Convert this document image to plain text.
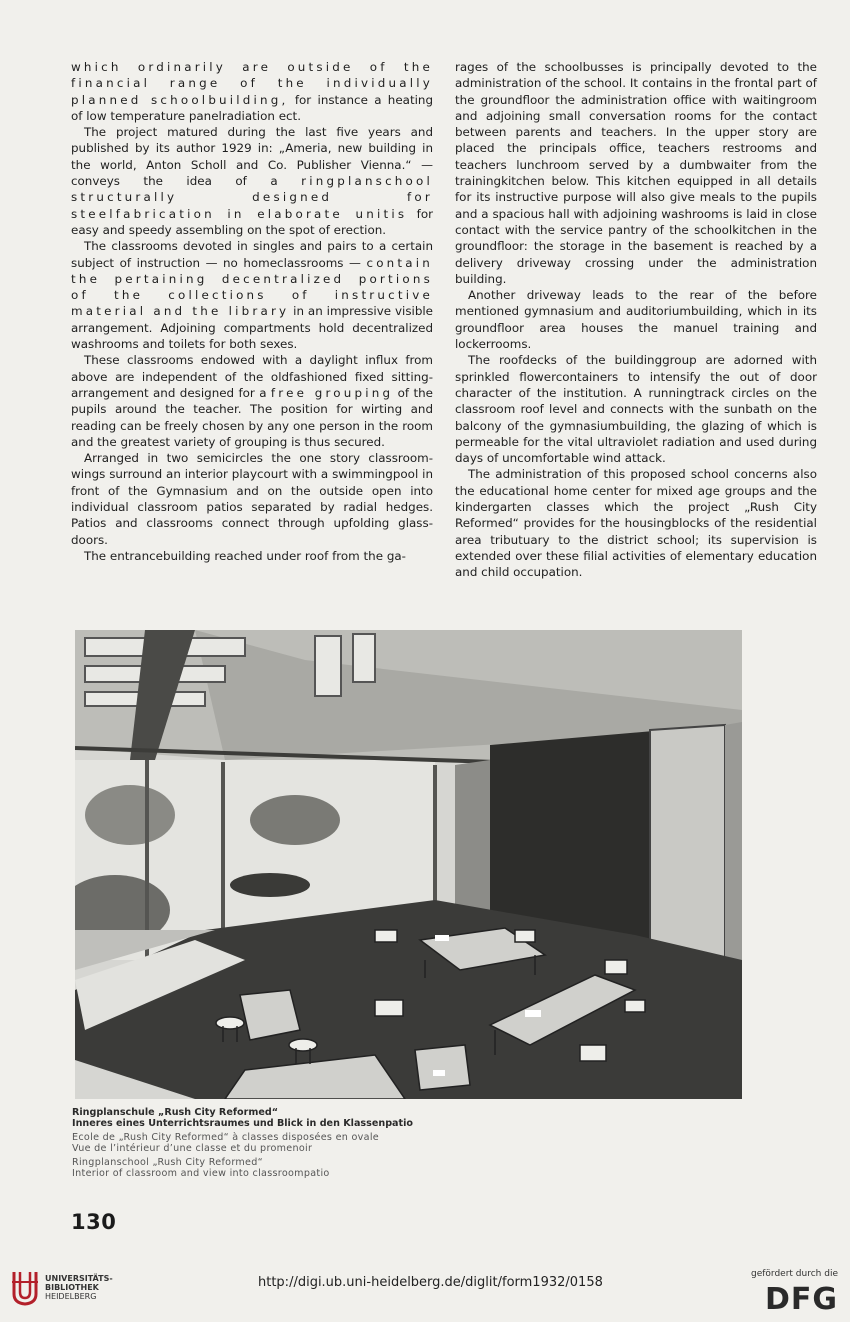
which ordinarily are outside of the financial range of the individually planned schoolbuilding, for instance a heating of low temperature panelradiation ect.

The project matured during the last five years and published by its author 1929 in: „Ameria, new building in the world, Anton Scholl and Co. Publisher Vienna.“ — conveys the idea of a ringplanschool structurally designed for steelfabrication in elaborate unitis for easy and speedy assembling on the spot of erection.

The classrooms devoted in singles and pairs to a certain subject of instruction — no homeclassrooms — contain the pertaining decentralized portions of the collections of instructive material and the library in an impressive visible arrangement. Adjoining compartments hold decentralized washrooms and toilets for both sexes.

These classrooms endowed with a daylight influx from above are independent of the oldfashioned fixed sitting-arrangement and designed for a free grouping of the pupils around the teacher. The position for wirting and reading can be freely chosen by any one person in the room and the greatest variety of grouping is thus secured.

Arranged in two semicircles the one story classroom-wings surround an interior playcourt with a swimmingpool in front of the Gymnasium and on the outside open into individual classroom patios separated by radial hedges. Patios and classrooms connect through upfolding glass-doors.

The entrancebuilding reached under roof from the ga-

rages of the schoolbusses is principally devoted to the administration of the school. It contains in the frontal part of the groundfloor the administration office with waitingroom and adjoining small conversation rooms for the contact between parents and teachers. In the upper story are placed the principals office, teachers restrooms and teachers lunchroom served by a dumbwaiter from the trainingkitchen below. This kitchen equipped in all details for its instructive purpose will also give meals to the pupils and a spacious hall with adjoining washrooms is laid in close contact with the service pantry of the schoolkitchen in the groundfloor: the storage in the basement is reached by a delivery driveway crossing under the administration building.

Another driveway leads to the rear of the before mentioned gymnasium and auditoriumbuilding, which in its groundfloor area houses the manuel training and lockerrooms.

The roofdecks of the buildinggroup are adorned with sprinkled flowercontainers to intensify the out of door character of the institution. A runningtrack circles on the classroom roof level and connects with the sunbath on the balcony of the gymnasiumbuilding, the glazing of which is permeable for the vital ultraviolet radiation and used during days of uncomfortable wind attack.

The administration of this proposed school concerns also the educational home center for mixed age groups and the kindergarten classes which the project „Rush City Reformed“ provides for the housingblocks of the residential area tributuary to the district school; its supervision is extended over these filial activities of elementary education and child occupation.

Ringplanschule „Rush City Reformed“
Inneres eines Unterrichtsraumes und Blick in den Klassenpatio
Ecole de „Rush City Reformed“ à classes disposées en ovale
Vue de l’intérieur d’une classe et du promenoir
Ringplanschool „Rush City Reformed“
Interior of classroom and view into classroompatio
130
UNIVERSITÄTS-
BIBLIOTHEK
HEIDELBERG
http://digi.ub.uni-heidelberg.de/diglit/form1932/0158
gefördert durch die
DFG
